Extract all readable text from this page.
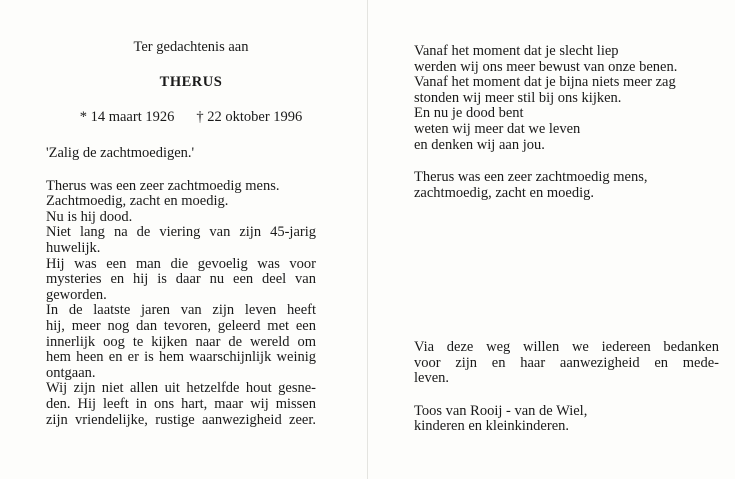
Ter gedachtenis aan
THERUS
* 14 maart 1926 † 22 oktober 1996

'Zalig de zachtmoedigen.'

Therus was een zeer zachtmoedig mens.
Zachtmoedig, zacht en moedig.
Nu is hij dood.
Niet lang na de viering van zijn 45-jarig
huwelijk.
Hij was een man die gevoelig was voor
mysteries en hij is daar nu een deel van
geworden.
In de laatste jaren van zijn leven heeft
hij, meer nog dan tevoren, geleerd met een
innerlijk oog te kijken naar de wereld om
hem heen en er is hem waarschijnlijk weinig
ontgaan.
Wij zijn niet allen uit hetzelfde hout gesne-
den. Hij leeft in ons hart, maar wij missen
zijn vriendelijke, rustige aanwezigheid zeer.

Vanaf het moment dat je slecht liep
werden wij ons meer bewust van onze benen.
Vanaf het moment dat je bijna niets meer zag
stonden wij meer stil bij ons kijken.
En nu je dood bent
weten wij meer dat we leven
en denken wij aan jou.

Therus was een zeer zachtmoedig mens,
zachtmoedig, zacht en moedig.

Via deze weg willen we iedereen bedanken
voor zijn en haar aanwezigheid en mede-
leven.

Toos van Rooij - van de Wiel,
kinderen en kleinkinderen.
